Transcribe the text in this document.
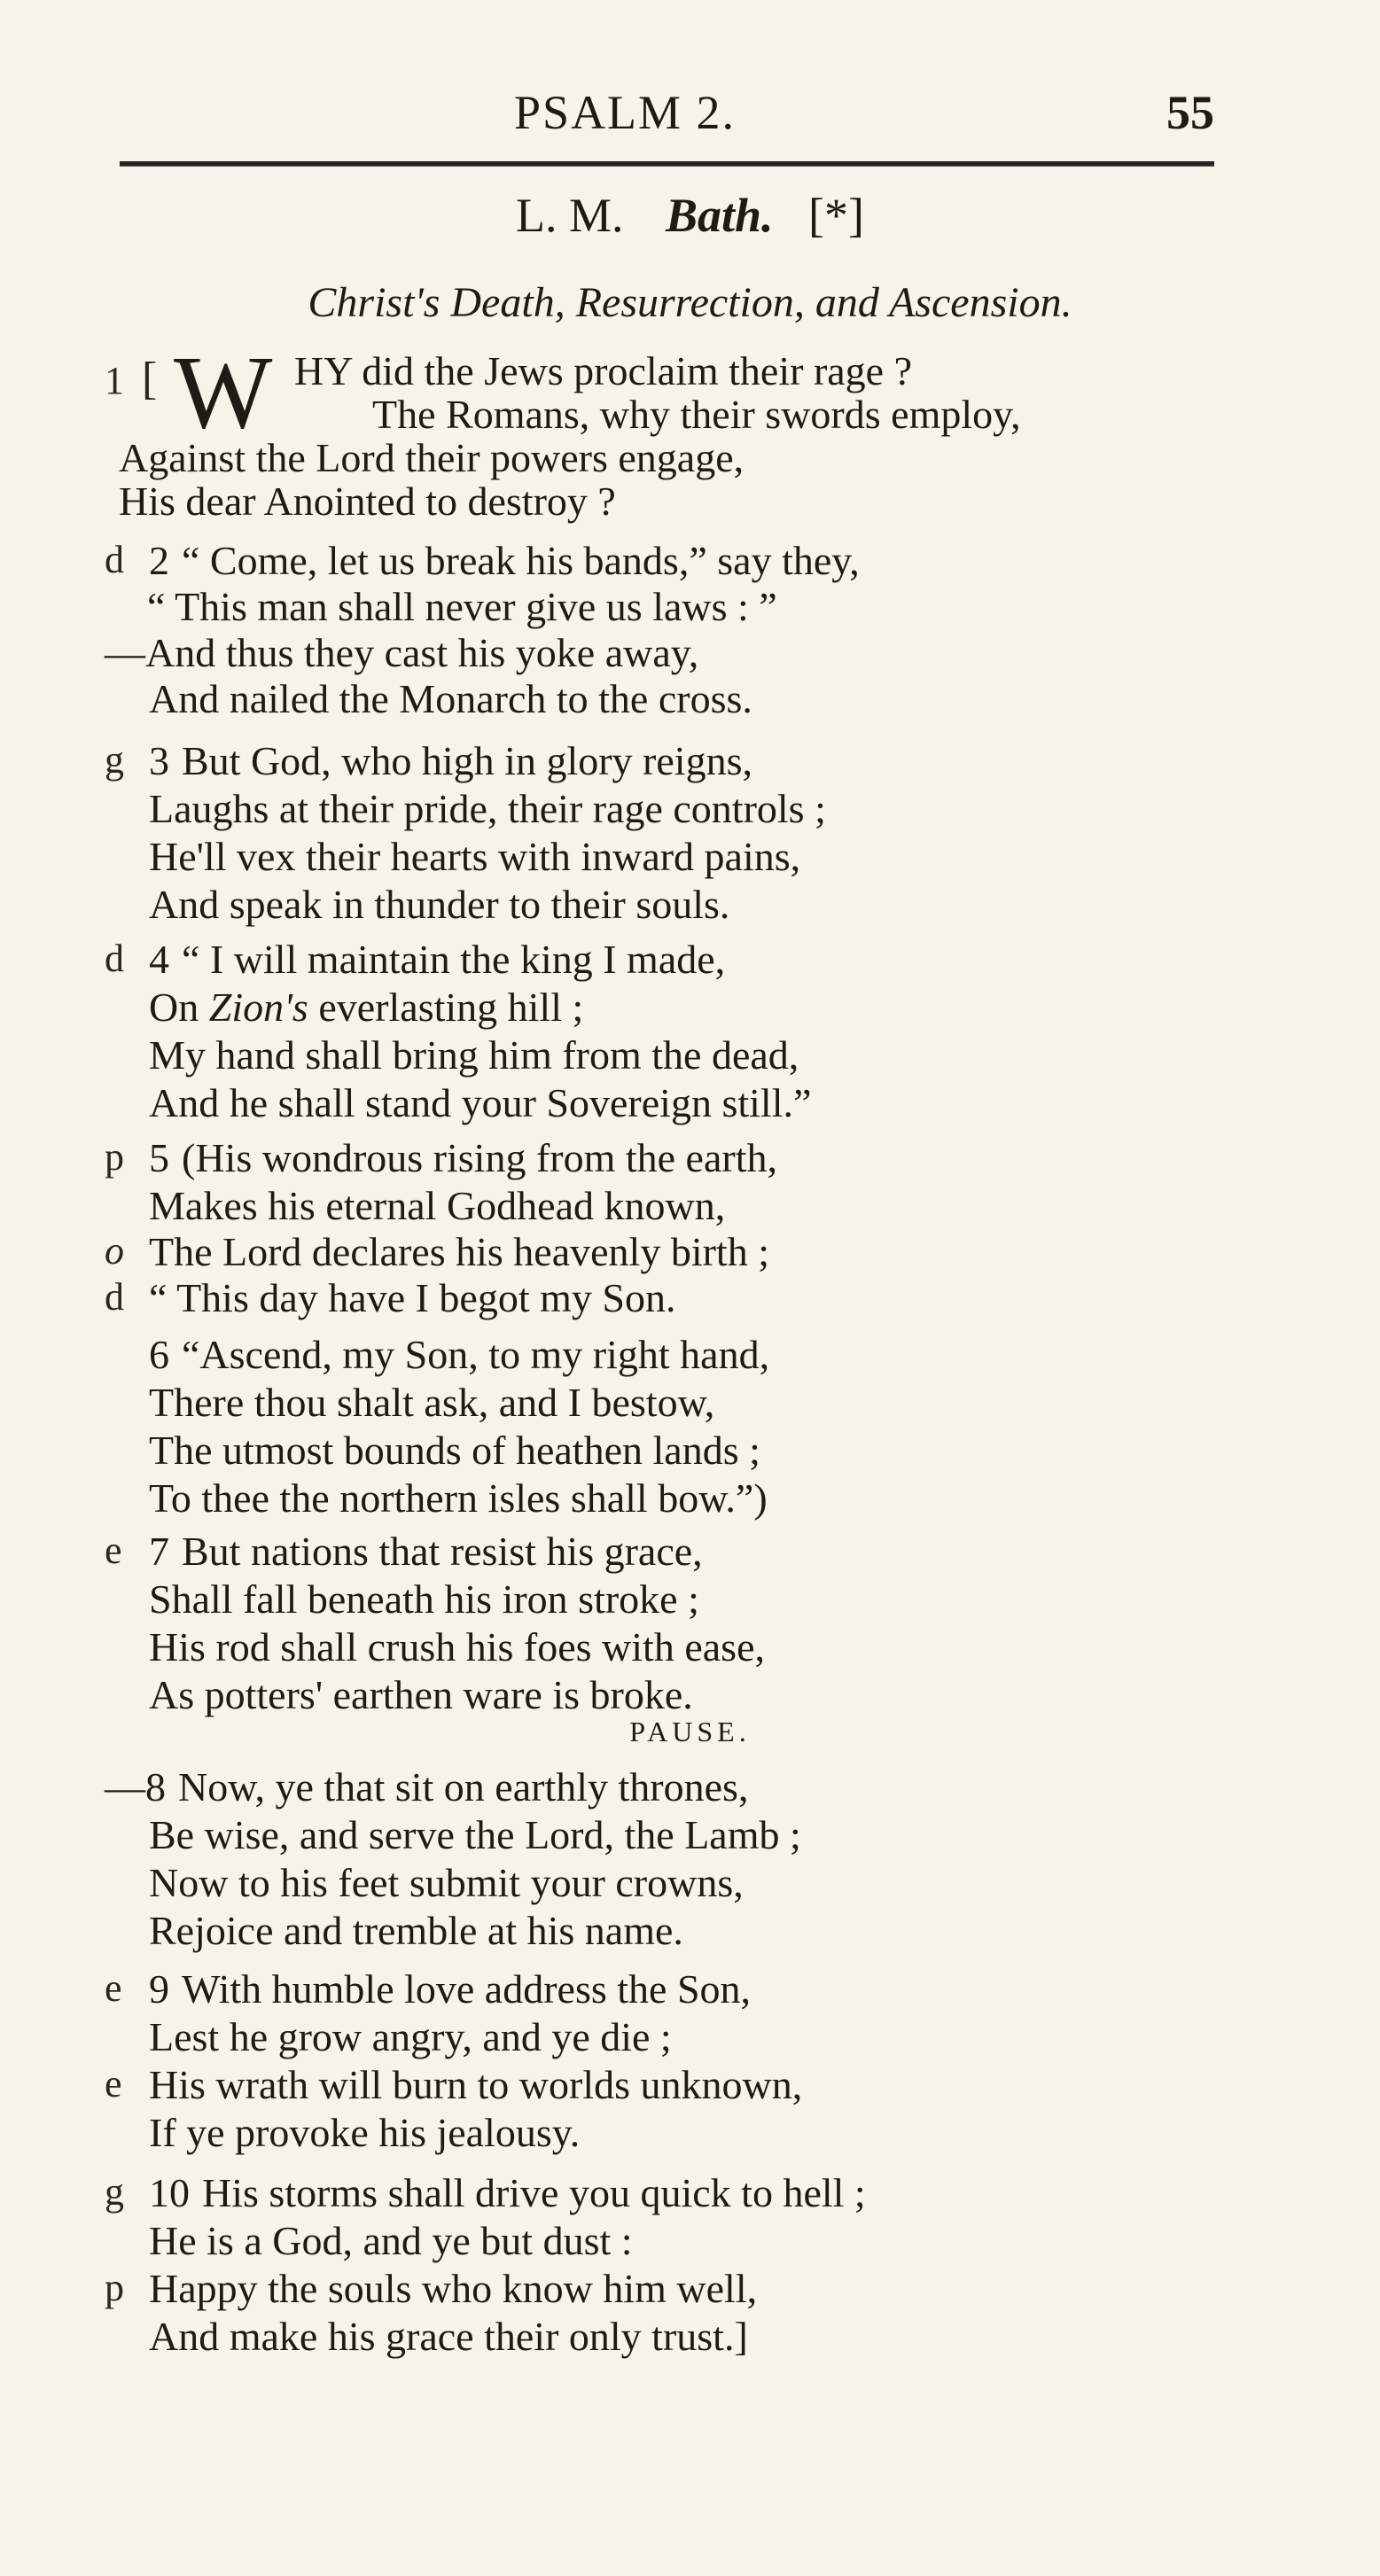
PSALM 2.	55
L. M. Bath. [*]
Christ's Death, Resurrection, and Ascension.
1 [ W HY did the Jews proclaim their rage ?
The Romans, why their swords employ,
Against the Lord their powers engage,
His dear Anointed to destroy ?
d 2 “ Come, let us break his bands,” say they,
“ This man shall never give us laws : ”
—And thus they cast his yoke away,
And nailed the Monarch to the cross.
g 3 But God, who high in glory reigns,
Laughs at their pride, their rage controls ;
He'll vex their hearts with inward pains,
And speak in thunder to their souls.
d 4 “ I will maintain the king I made,
On Zion's everlasting hill ;
My hand shall bring him from the dead,
And he shall stand your Sovereign still.”
p 5 (His wondrous rising from the earth,
Makes his eternal Godhead known,
o The Lord declares his heavenly birth ;
d “ This day have I begot my Son.
6 “Ascend, my Son, to my right hand,
There thou shalt ask, and I bestow,
The utmost bounds of heathen lands ;
To thee the northern isles shall bow.”)
e 7 But nations that resist his grace,
Shall fall beneath his iron stroke ;
His rod shall crush his foes with ease,
As potters' earthen ware is broke.
PAUSE.
—8 Now, ye that sit on earthly thrones,
Be wise, and serve the Lord, the Lamb ;
Now to his feet submit your crowns,
Rejoice and tremble at his name.
e 9 With humble love address the Son,
Lest he grow angry, and ye die ;
e His wrath will burn to worlds unknown,
If ye provoke his jealousy.
g 10 His storms shall drive you quick to hell ;
He is a God, and ye but dust :
p Happy the souls who know him well,
And make his grace their only trust.]
